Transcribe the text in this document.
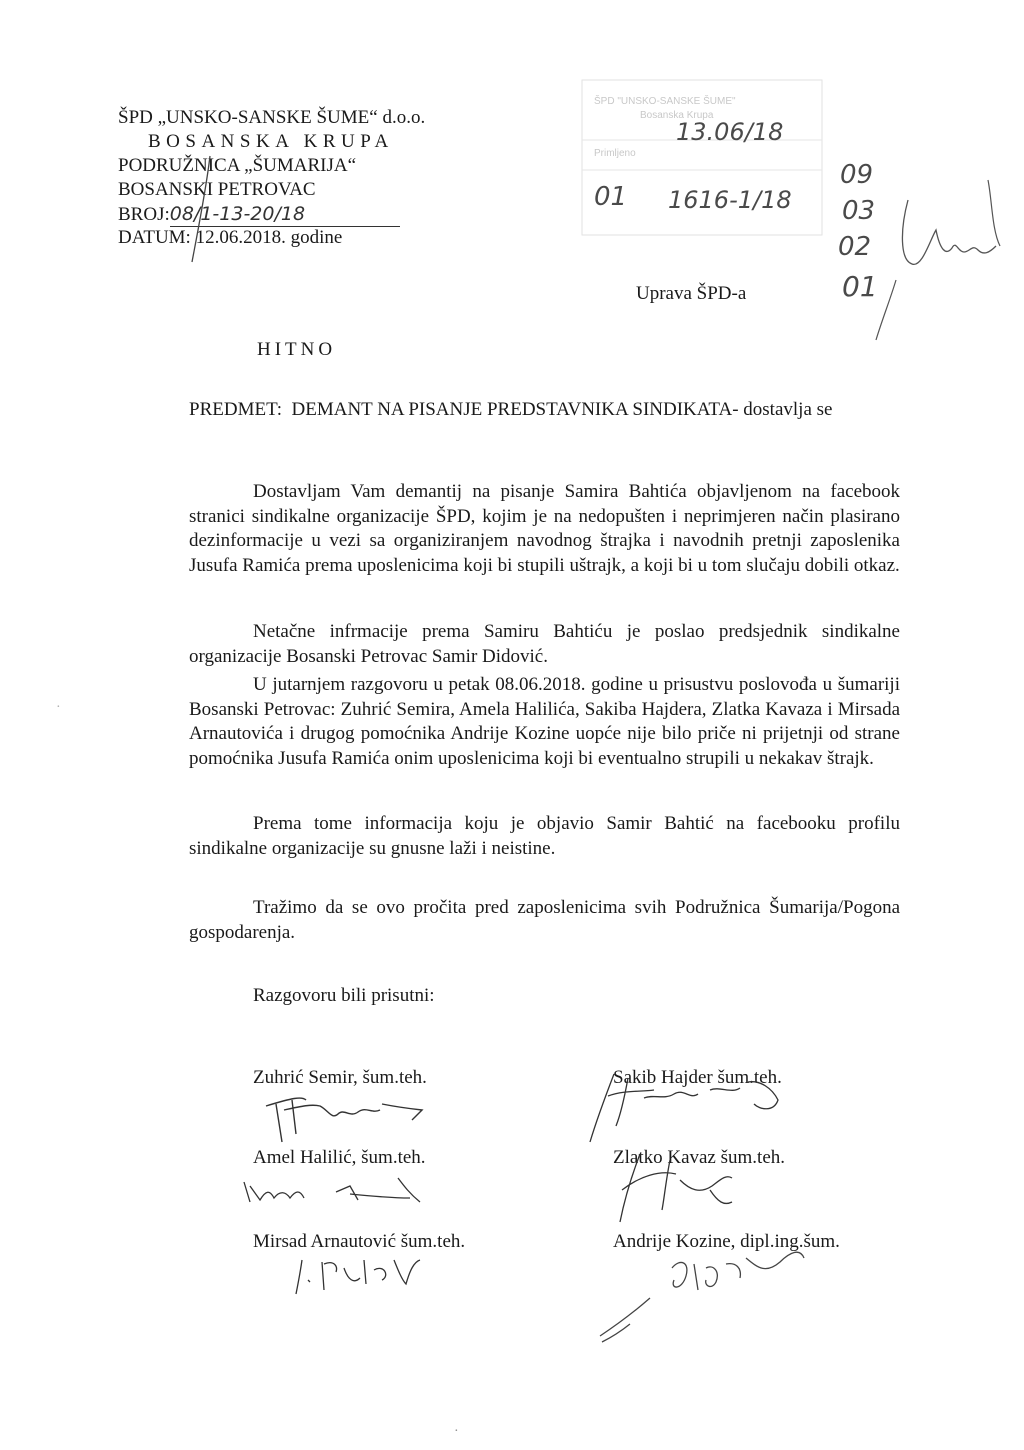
ŠPD „UNSKO-SANSKE ŠUME“ d.o.o.
BOSANSKA KRUPA
PODRUŽNICA „ŠUMARIJA“
BOSANSKI PETROVAC
BROJ:08/1-13-20/18
DATUM: 12.06.2018. godine
ŠPD "UNSKO-SANSKE ŠUME"
Bosanska Krupa
Primljeno
13.06/18
01 1616-1/18
09
03
02
01
Uprava ŠPD-a
HITNO
PREDMET: DEMANT NA PISANJE PREDSTAVNIKA SINDIKATA- dostavlja se
Dostavljam Vam demantij na pisanje Samira Bahtića objavljenom na facebook stranici sindikalne organizacije ŠPD, kojim je na nedopušten i neprimjeren način plasirano dezinformacije u vezi sa organiziranjem navodnog štrajka i navodnih pretnji zaposlenika Jusufa Ramića prema uposlenicima koji bi stupili uštrajk, a koji bi u tom slučaju dobili otkaz.
Netačne infrmacije prema Samiru Bahtiću je poslao predsjednik sindikalne organizacije Bosanski Petrovac Samir Didović.
U jutarnjem razgovoru u petak 08.06.2018. godine u prisustvu poslovođa u šumariji Bosanski Petrovac: Zuhrić Semira, Amela Halilića, Sakiba Hajdera, Zlatka Kavaza i Mirsada Arnautovića i drugog pomoćnika Andrije Kozine uopće nije bilo priče ni prijetnji od strane pomoćnika Jusufa Ramića onim uposlenicima koji bi eventualno strupili u nekakav štrajk.
Prema tome informacija koju je objavio Samir Bahtić na facebooku profilu sindikalne organizacije su gnusne laži i neistine.
Tražimo da se ovo pročita pred zaposlenicima svih Podružnica Šumarija/Pogona gospodarenja.
Razgovoru bili prisutni:
Zuhrić Semir, šum.teh.
Amel Halilić, šum.teh.
Mirsad Arnautović šum.teh.
Sakib Hajder šum.teh.
Zlatko Kavaz šum.teh.
Andrije Kozine, dipl.ing.šum.
·
·
